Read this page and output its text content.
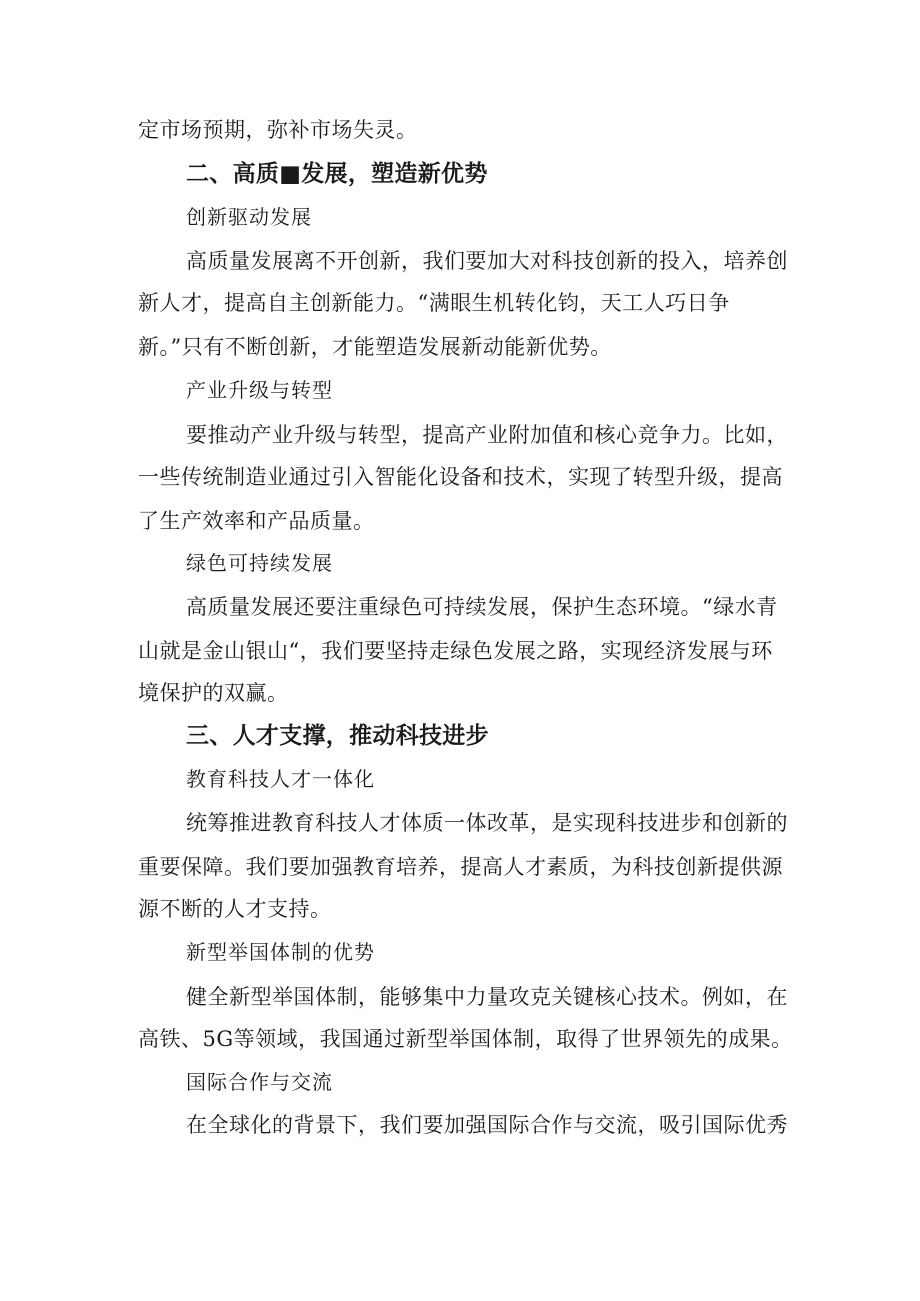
定市场预期，弥补市场失灵。
二、高质■发展，塑造新优势
创新驱动发展
高质量发展离不开创新，我们要加大对科技创新的投入，培养创
新人才，提高自主创新能力。“满眼生机转化钧，天工人巧日争
新。”只有不断创新，才能塑造发展新动能新优势。
产业升级与转型
要推动产业升级与转型，提高产业附加值和核心竞争力。比如，
一些传统制造业通过引入智能化设备和技术，实现了转型升级，提高
了生产效率和产品质量。
绿色可持续发展
高质量发展还要注重绿色可持续发展，保护生态环境。“绿水青
山就是金山银山“，我们要坚持走绿色发展之路，实现经济发展与环
境保护的双赢。
三、人才支撑，推动科技进步
教育科技人才一体化
统筹推进教育科技人才体质一体改革，是实现科技进步和创新的
重要保障。我们要加强教育培养，提高人才素质，为科技创新提供源
源不断的人才支持。
新型举国体制的优势
健全新型举国体制，能够集中力量攻克关键核心技术。例如，在
高铁、5G等领域，我国通过新型举国体制，取得了世界领先的成果。
国际合作与交流
在全球化的背景下，我们要加强国际合作与交流，吸引国际优秀
